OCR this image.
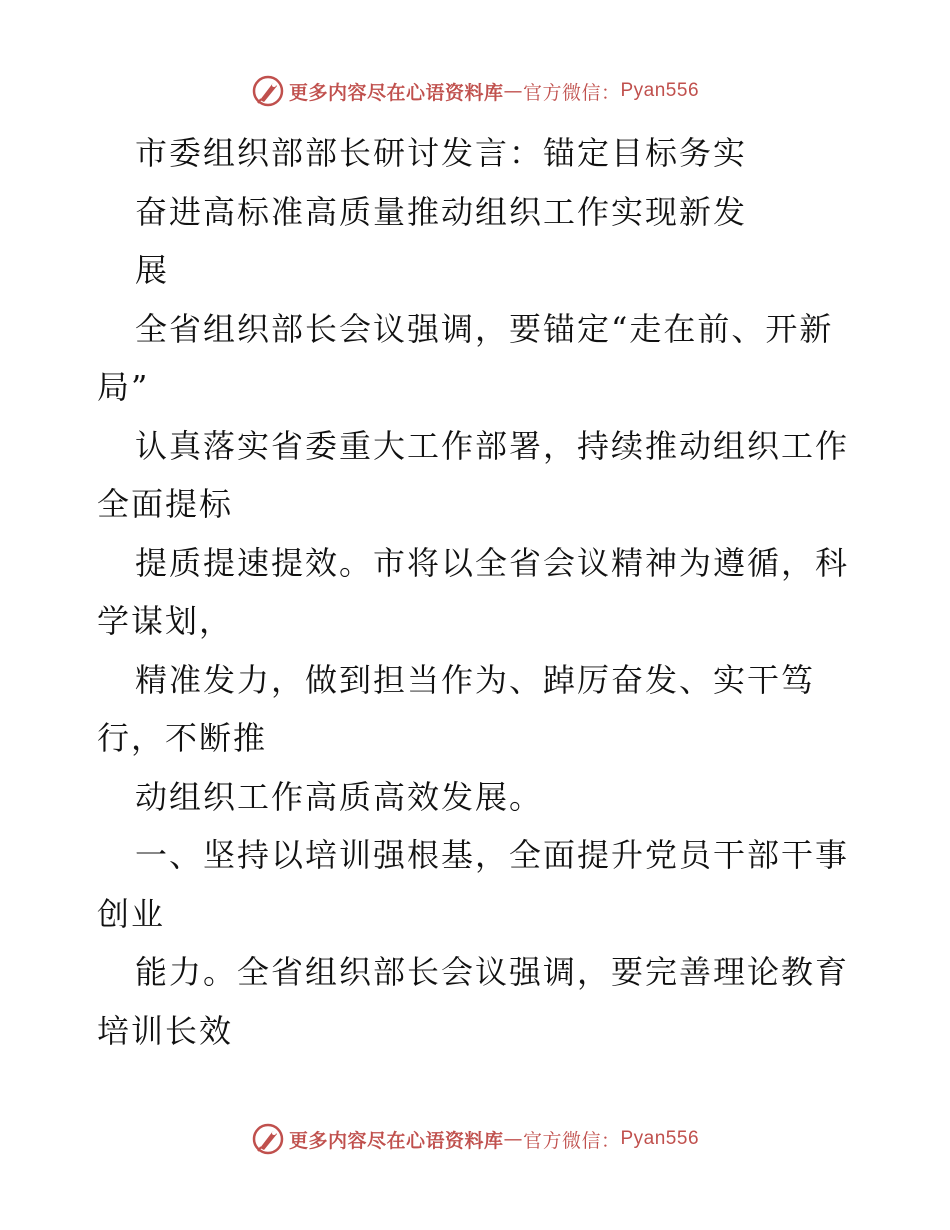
更多内容尽在心语资料库 — 官方微信： Pyan556
市委组织部部长研讨发言：锚定目标务实
奋进高标准高质量推动组织工作实现新发
展
全省组织部长会议强调，要锚定“走在前、开新
局”
认真落实省委重大工作部署，持续推动组织工作
全面提标
提质提速提效。市将以全省会议精神为遵循，科
学谋划，
精准发力，做到担当作为、踔厉奋发、实干笃
行，不断推
动组织工作高质高效发展。
一、坚持以培训强根基，全面提升党员干部干事
创业
能力。全省组织部长会议强调，要完善理论教育
培训长效
更多内容尽在心语资料库 — 官方微信： Pyan556
